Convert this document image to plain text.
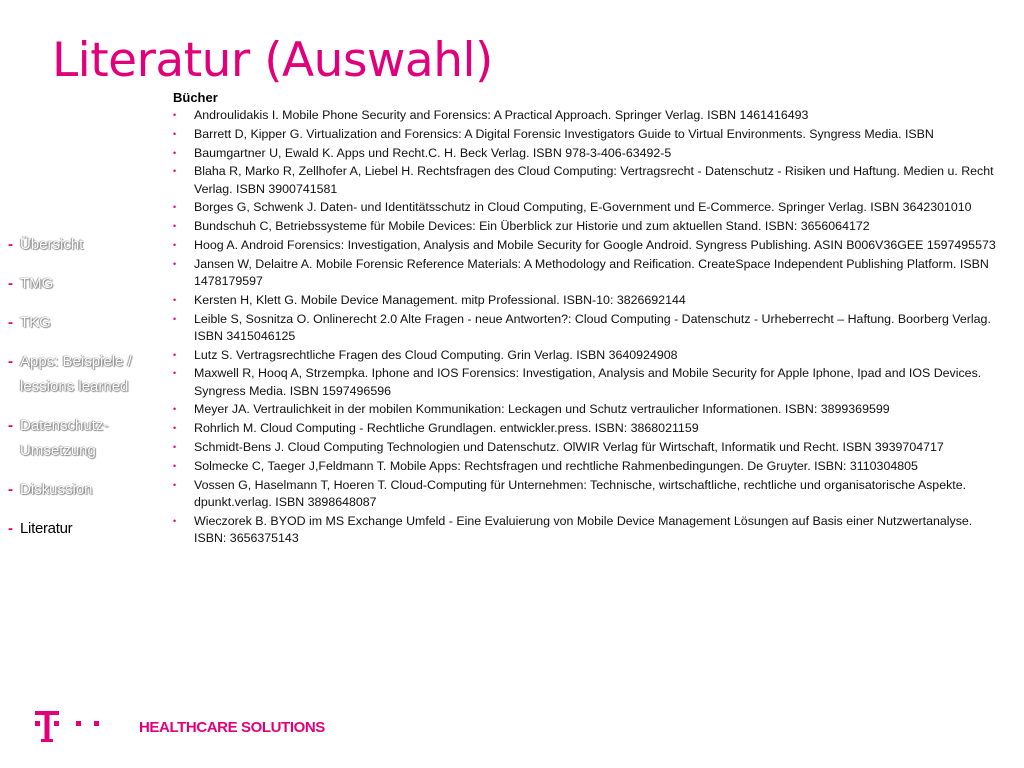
Literatur (Auswahl)
- Übersicht
- TMG
- TKG
- Apps: Beispiele /
lessions learned
- Datenschutz-
Umsetzung
- Diskussion
- Literatur
Bücher
• Androulidakis I. Mobile Phone Security and Forensics: A Practical Approach. Springer Verlag. ISBN 1461416493
• Barrett D, Kipper G. Virtualization and Forensics: A Digital Forensic Investigators Guide to Virtual Environments. Syngress Media. ISBN
• Baumgartner U, Ewald K. Apps und Recht.C. H. Beck Verlag. ISBN 978-3-406-63492-5
• Blaha R, Marko R, Zellhofer A, Liebel H. Rechtsfragen des Cloud Computing: Vertragsrecht - Datenschutz - Risiken und Haftung. Medien u. Recht Verlag. ISBN 3900741581
• Borges G, Schwenk J. Daten- und Identitätsschutz in Cloud Computing, E-Government und E-Commerce. Springer Verlag. ISBN 3642301010
• Bundschuh C, Betriebssysteme für Mobile Devices: Ein Überblick zur Historie und zum aktuellen Stand. ISBN: 3656064172
• Hoog A. Android Forensics: Investigation, Analysis and Mobile Security for Google Android. Syngress Publishing. ASIN B006V36GEE 1597495573
• Jansen W, Delaitre A. Mobile Forensic Reference Materials: A Methodology and Reification. CreateSpace Independent Publishing Platform. ISBN 1478179597
• Kersten H, Klett G. Mobile Device Management. mitp Professional. ISBN-10: 3826692144
• Leible S, Sosnitza O. Onlinerecht 2.0 Alte Fragen - neue Antworten?: Cloud Computing - Datenschutz - Urheberrecht – Haftung. Boorberg Verlag. ISBN 3415046125
• Lutz S. Vertragsrechtliche Fragen des Cloud Computing. Grin Verlag. ISBN 3640924908
• Maxwell R, Hooq A, Strzempka. Iphone and IOS Forensics: Investigation, Analysis and Mobile Security for Apple Iphone, Ipad and IOS Devices. Syngress Media. ISBN 1597496596
• Meyer JA. Vertraulichkeit in der mobilen Kommunikation: Leckagen und Schutz vertraulicher Informationen. ISBN: 3899369599
• Rohrlich M. Cloud Computing - Rechtliche Grundlagen. entwickler.press. ISBN: 3868021159
• Schmidt-Bens J. Cloud Computing Technologien und Datenschutz. OlWIR Verlag für Wirtschaft, Informatik und Recht. ISBN 3939704717
• Solmecke C, Taeger J,Feldmann T. Mobile Apps: Rechtsfragen und rechtliche Rahmenbedingungen. De Gruyter. ISBN: 3110304805
• Vossen G, Haselmann T, Hoeren T. Cloud-Computing für Unternehmen: Technische, wirtschaftliche, rechtliche und organisatorische Aspekte. dpunkt.verlag. ISBN 3898648087
• Wieczorek B. BYOD im MS Exchange Umfeld - Eine Evaluierung von Mobile Device Management Lösungen auf Basis einer Nutzwertanalyse. ISBN: 3656375143
HEALTHCARE SOLUTIONS
